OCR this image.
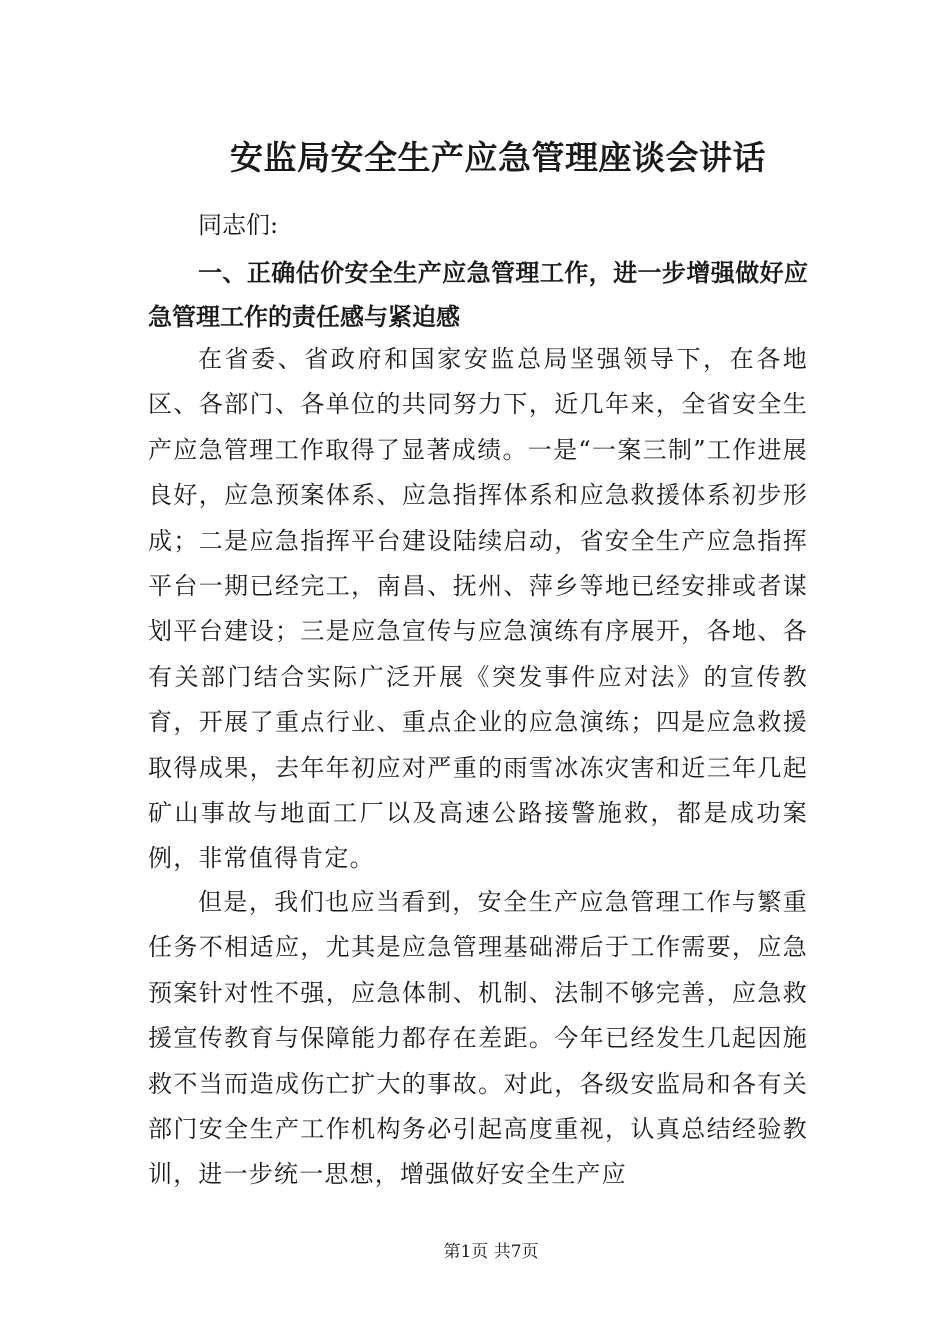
安监局安全生产应急管理座谈会讲话

同志们:

一、正确估价安全生产应急管理工作，进一步增强做好应急管理工作的责任感与紧迫感

在省委、省政府和国家安监总局坚强领导下，在各地区、各部门、各单位的共同努力下，近几年来，全省安全生产应急管理工作取得了显著成绩。一是“一案三制”工作进展良好，应急预案体系、应急指挥体系和应急救援体系初步形成；二是应急指挥平台建设陆续启动，省安全生产应急指挥平台一期已经完工，南昌、抚州、萍乡等地已经安排或者谋划平台建设；三是应急宣传与应急演练有序展开，各地、各有关部门结合实际广泛开展《突发事件应对法》的宣传教育，开展了重点行业、重点企业的应急演练；四是应急救援取得成果，去年年初应对严重的雨雪冰冻灾害和近三年几起矿山事故与地面工厂以及高速公路接警施救，都是成功案例，非常值得肯定。

但是，我们也应当看到，安全生产应急管理工作与繁重任务不相适应，尤其是应急管理基础滞后于工作需要，应急预案针对性不强，应急体制、机制、法制不够完善，应急救援宣传教育与保障能力都存在差距。今年已经发生几起因施救不当而造成伤亡扩大的事故。对此，各级安监局和各有关部门安全生产工作机构务必引起高度重视，认真总结经验教训，进一步统一思想，增强做好安全生产应

第1页 共7页
